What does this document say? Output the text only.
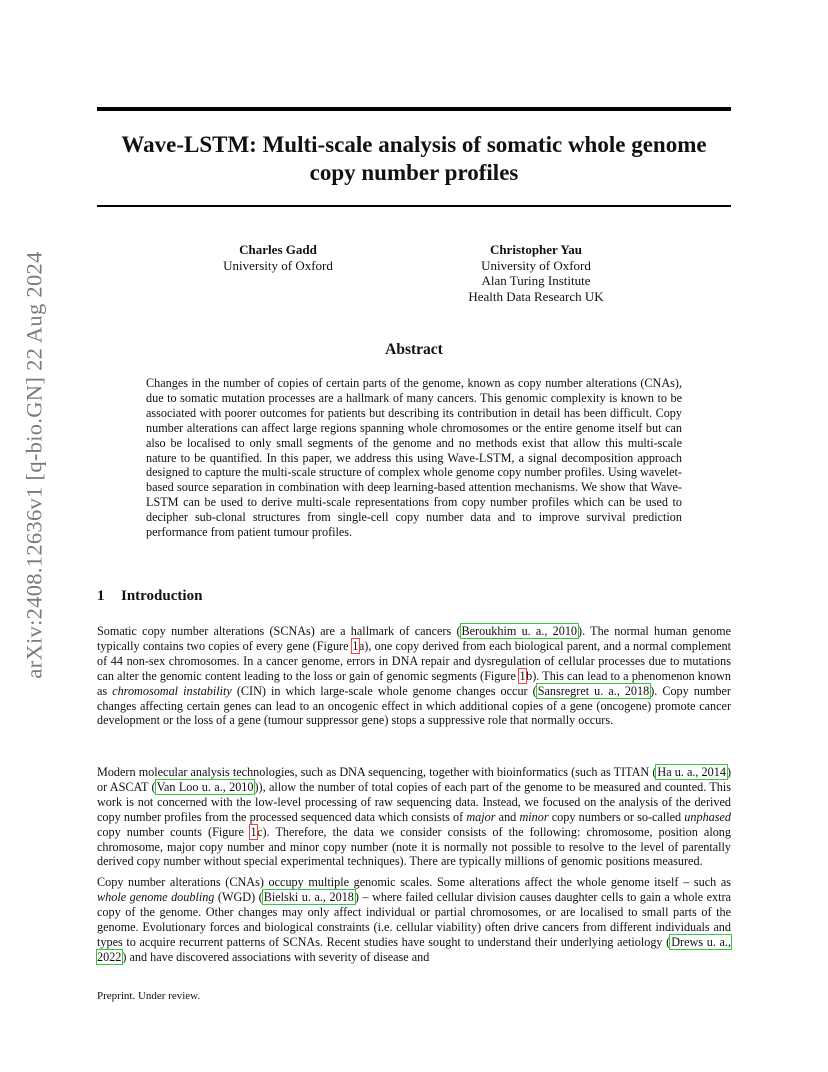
arXiv:2408.12636v1 [q-bio.GN] 22 Aug 2024
Wave-LSTM: Multi-scale analysis of somatic whole genome copy number profiles
Charles Gadd
University of Oxford
Christopher Yau
University of Oxford
Alan Turing Institute
Health Data Research UK
Abstract
Changes in the number of copies of certain parts of the genome, known as copy number alterations (CNAs), due to somatic mutation processes are a hallmark of many cancers. This genomic complexity is known to be associated with poorer outcomes for patients but describing its contribution in detail has been difficult. Copy number alterations can affect large regions spanning whole chromosomes or the entire genome itself but can also be localised to only small segments of the genome and no methods exist that allow this multi-scale nature to be quantified. In this paper, we address this using Wave-LSTM, a signal decomposition approach designed to capture the multi-scale structure of complex whole genome copy number profiles. Using wavelet-based source separation in combination with deep learning-based attention mechanisms. We show that Wave-LSTM can be used to derive multi-scale representations from copy number profiles which can be used to decipher sub-clonal structures from single-cell copy number data and to improve survival prediction performance from patient tumour profiles.
1 Introduction
Somatic copy number alterations (SCNAs) are a hallmark of cancers (Beroukhim u. a., 2010). The normal human genome typically contains two copies of every gene (Figure 1a), one copy derived from each biological parent, and a normal complement of 44 non-sex chromosomes. In a cancer genome, errors in DNA repair and dysregulation of cellular processes due to mutations can alter the genomic content leading to the loss or gain of genomic segments (Figure 1b). This can lead to a phenomenon known as chromosomal instability (CIN) in which large-scale whole genome changes occur (Sansregret u. a., 2018). Copy number changes affecting certain genes can lead to an oncogenic effect in which additional copies of a gene (oncogene) promote cancer development or the loss of a gene (tumour suppressor gene) stops a suppressive role that normally occurs.
Modern molecular analysis technologies, such as DNA sequencing, together with bioinformatics (such as TITAN (Ha u. a., 2014) or ASCAT (Van Loo u. a., 2010)), allow the number of total copies of each part of the genome to be measured and counted. This work is not concerned with the low-level processing of raw sequencing data. Instead, we focused on the analysis of the derived copy number profiles from the processed sequenced data which consists of major and minor copy numbers or so-called unphased copy number counts (Figure 1c). Therefore, the data we consider consists of the following: chromosome, position along chromosome, major copy number and minor copy number (note it is normally not possible to resolve to the level of parentally derived copy number without special experimental techniques). There are typically millions of genomic positions measured.
Copy number alterations (CNAs) occupy multiple genomic scales. Some alterations affect the whole genome itself – such as whole genome doubling (WGD) (Bielski u. a., 2018) – where failed cellular division causes daughter cells to gain a whole extra copy of the genome. Other changes may only affect individual or partial chromosomes, or are localised to small parts of the genome. Evolutionary forces and biological constraints (i.e. cellular viability) often drive cancers from different individuals and types to acquire recurrent patterns of SCNAs. Recent studies have sought to understand their underlying aetiology (Drews u. a., 2022) and have discovered associations with severity of disease and
Preprint. Under review.
